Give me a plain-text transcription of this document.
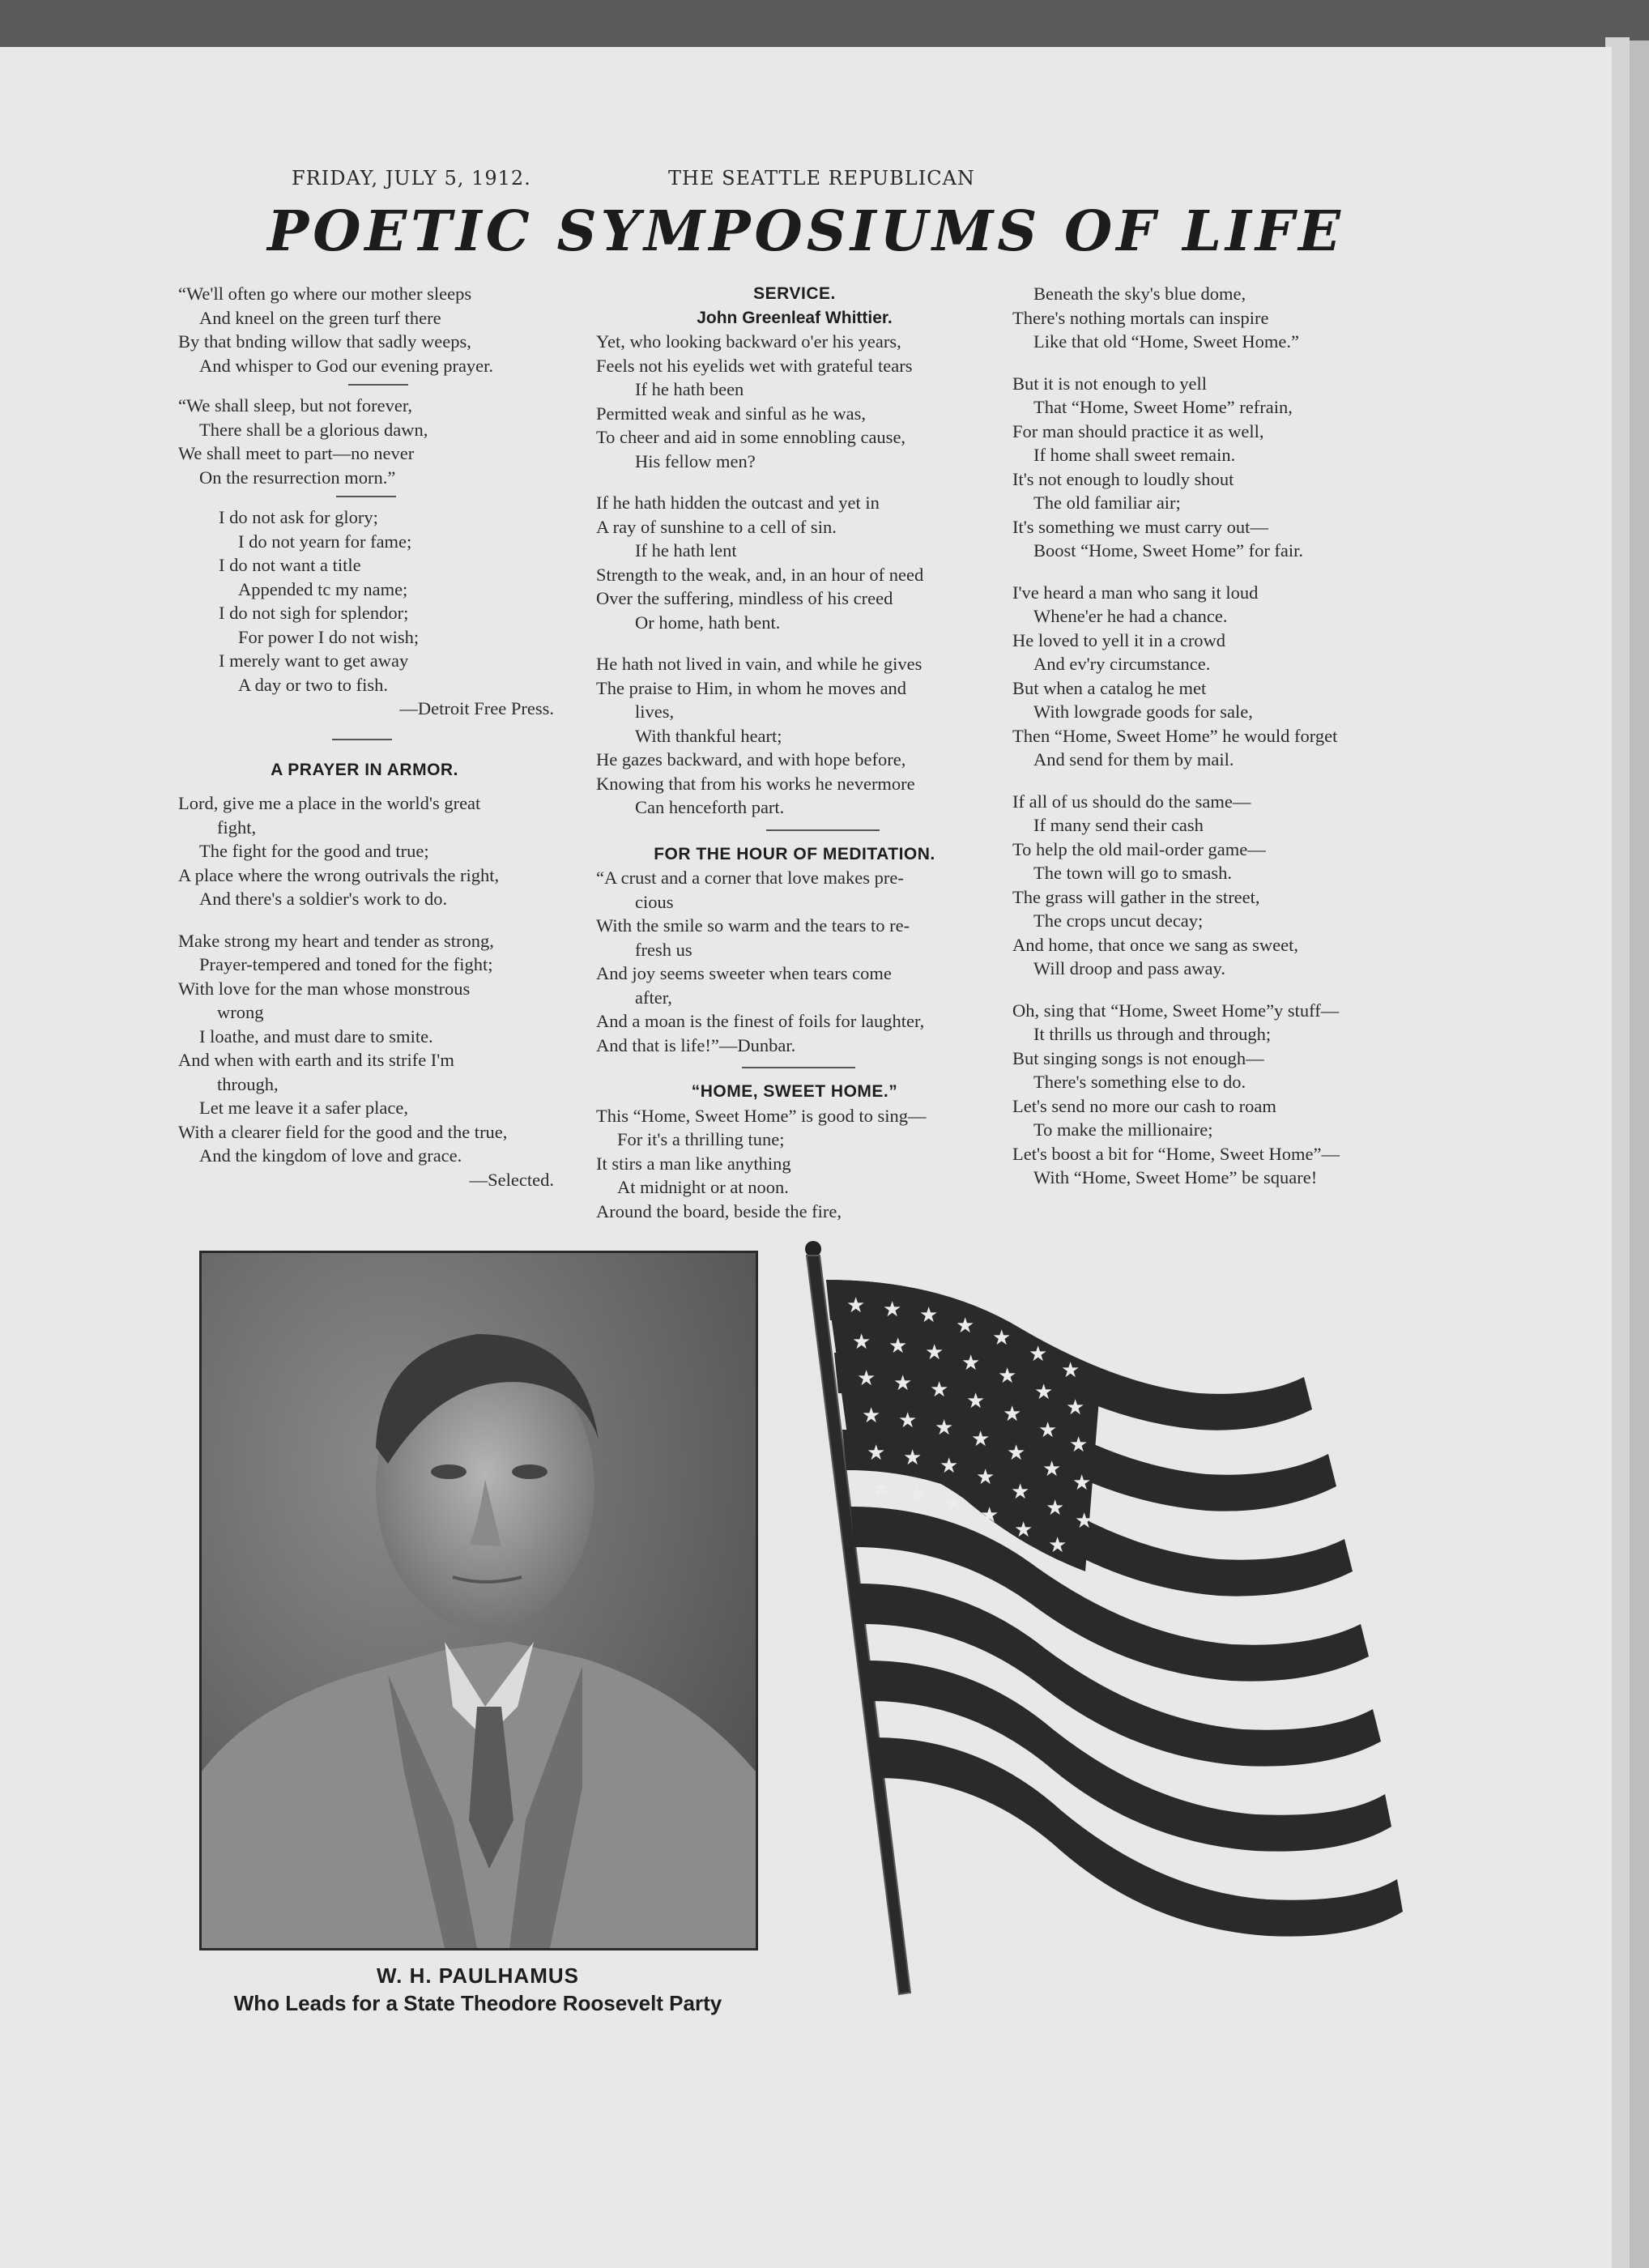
FRIDAY, JULY 5, 1912.	THE SEATTLE REPUBLICAN
POETIC SYMPOSIUMS OF LIFE
“We'll often go where our mother sleeps
And kneel on the green turf there
By that bnding willow that sadly weeps,
And whisper to God our evening prayer.
“We shall sleep, but not forever,
There shall be a glorious dawn,
We shall meet to part—no never
On the resurrection morn.”
I do not ask for glory;
I do not yearn for fame;
I do not want a title
Appended tc my name;
I do not sigh for splendor;
For power I do not wish;
I merely want to get away
A day or two to fish.
—Detroit Free Press.
A PRAYER IN ARMOR.
Lord, give me a place in the world's great
fight,
The fight for the good and true;
A place where the wrong outrivals the right,
And there's a soldier's work to do.
Make strong my heart and tender as strong,
Prayer-tempered and toned for the fight;
With love for the man whose monstrous
wrong
I loathe, and must dare to smite.
And when with earth and its strife I'm
through,
Let me leave it a safer place,
With a clearer field for the good and the true,
And the kingdom of love and grace.
—Selected.
SERVICE.
John Greenleaf Whittier.
Yet, who looking backward o'er his years,
Feels not his eyelids wet with grateful tears
If he hath been
Permitted weak and sinful as he was,
To cheer and aid in some ennobling cause,
His fellow men?
If he hath hidden the outcast and yet in
A ray of sunshine to a cell of sin.
If he hath lent
Strength to the weak, and, in an hour of need
Over the suffering, mindless of his creed
Or home, hath bent.
He hath not lived in vain, and while he gives
The praise to Him, in whom he moves and
lives,
With thankful heart;
He gazes backward, and with hope before,
Knowing that from his works he nevermore
Can henceforth part.
FOR THE HOUR OF MEDITATION.
“A crust and a corner that love makes pre-
cious
With the smile so warm and the tears to re-
fresh us
And joy seems sweeter when tears come
after,
And a moan is the finest of foils for laughter,
And that is life!”—Dunbar.
“HOME, SWEET HOME.”
This “Home, Sweet Home” is good to sing—
For it's a thrilling tune;
It stirs a man like anything
At midnight or at noon.
Around the board, beside the fire,
Beneath the sky's blue dome,
There's nothing mortals can inspire
Like that old “Home, Sweet Home.”
But it is not enough to yell
That “Home, Sweet Home” refrain,
For man should practice it as well,
If home shall sweet remain.
It's not enough to loudly shout
The old familiar air;
It's something we must carry out—
Boost “Home, Sweet Home” for fair.
I've heard a man who sang it loud
Whene'er he had a chance.
He loved to yell it in a crowd
And ev'ry circumstance.
But when a catalog he met
With lowgrade goods for sale,
Then “Home, Sweet Home” he would forget
And send for them by mail.
If all of us should do the same—
If many send their cash
To help the old mail-order game—
The town will go to smash.
The grass will gather in the street,
The crops uncut decay;
And home, that once we sang as sweet,
Will droop and pass away.
Oh, sing that “Home, Sweet Home”y stuff—
It thrills us through and through;
But singing songs is not enough—
There's something else to do.
Let's send no more our cash to roam
To make the millionaire;
Let's boost a bit for “Home, Sweet Home”—
With “Home, Sweet Home” be square!
W. H. PAULHAMUS
Who Leads for a State Theodore Roosevelt Party
★ ★ ★ ★ ★
★
★
★ ★ ★ ★
★
★
★
★ ★ ★ ★
★
★
★
★ ★ ★ ★
★
★
★
★ ★ ★ ★
★
★
★
★ ★ ★ ★
★
★
